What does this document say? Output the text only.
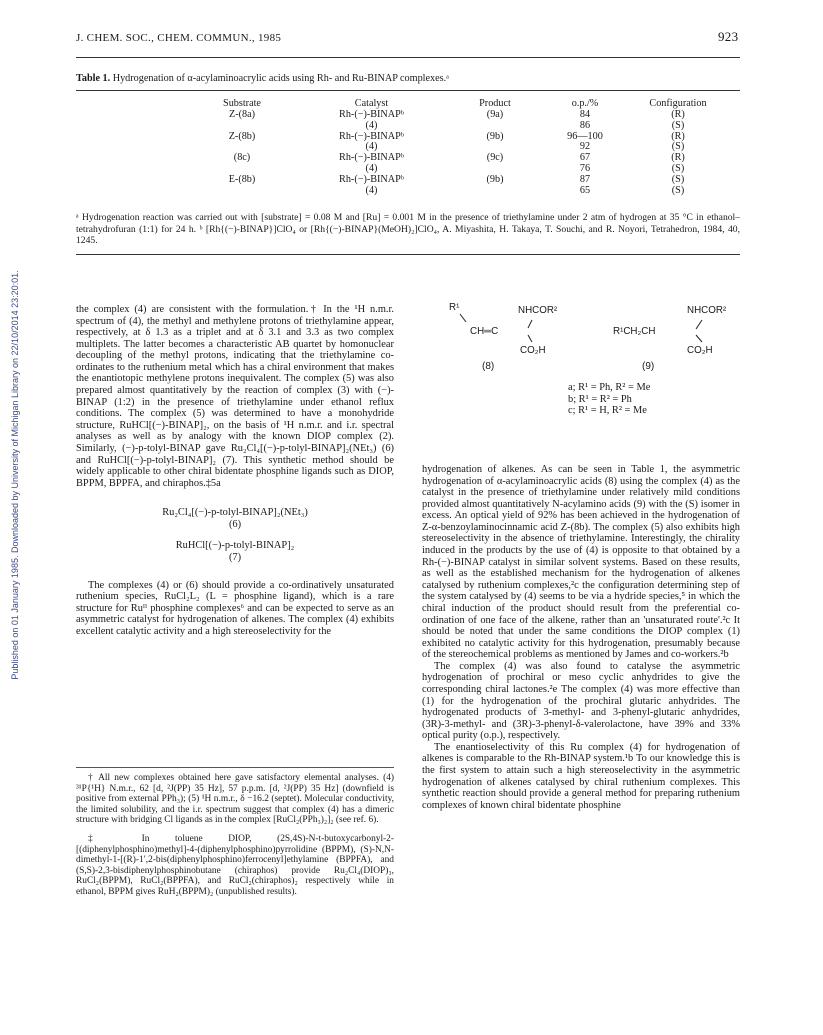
J. CHEM. SOC., CHEM. COMMUN., 1985	923
Published on 01 January 1985. Downloaded by University of Michigan Library on 22/10/2014 23:20:01.
Table 1. Hydrogenation of α-acylaminoacrylic acids using Rh- and Ru-BINAP complexes.ᵃ
Substrate	Catalyst	Product	o.p./%	Configuration
Z-(8a)	Rh-(−)-BINAPᵇ	(9a)	84	(R)
	(4)		86	(S)
Z-(8b)	Rh-(−)-BINAPᵇ	(9b)	96—100	(R)
	(4)		92	(S)
(8c)	Rh-(−)-BINAPᵇ	(9c)	67	(R)
	(4)		76	(S)
E-(8b)	Rh-(−)-BINAPᵇ	(9b)	87	(S)
	(4)		65	(S)
ᵃ Hydrogenation reaction was carried out with [substrate] = 0.08 M and [Ru] = 0.001 M in the presence of triethylamine under 2 atm of hydrogen at 35 °C in ethanol–tetrahydrofuran (1:1) for 24 h. ᵇ [Rh{(−)-BINAP}]ClO₄ or [Rh{(−)-BINAP}(MeOH)₂]ClO₄, A. Miyashita, H. Takaya, T. Souchi, and R. Noyori, Tetrahedron, 1984, 40, 1245.

the complex (4) are consistent with the formulation.† In the ¹H n.m.r. spectrum of (4), the methyl and methylene protons of triethylamine appear, respectively, at δ 1.3 as a triplet and at δ 3.1 and 3.3 as two complex multiplets. The latter becomes a characteristic AB quartet by homonuclear decoupling of the methyl protons, indicating that the triethylamine co-ordinates to the ruthenium metal which has a chiral environment that makes the enantiotopic methylene protons inequivalent. The complex (5) was also prepared almost quantitatively by the reaction of complex (3) with (−)-BINAP (1:2) in the presence of triethylamine under ethanol reflux conditions. The complex (5) was determined to have a monohydride structure, RuHCl[(−)-BINAP]₂, on the basis of ¹H n.m.r. and i.r. spectral analyses as well as by analogy with the known DIOP complex (2). Similarly, (−)-p-tolyl-BINAP gave Ru₂Cl₄[(−)-p-tolyl-BINAP]₂(NEt₃) (6) and RuHCl[(−)-p-tolyl-BINAP]₂ (7). This synthetic method should be widely applicable to other chiral bidentate phosphine ligands such as DIOP, BPPM, BPPFA, and chiraphos.‡5a

Ru₂Cl₄[(−)-p-tolyl-BINAP]₂(NEt₃)

(6)

RuHCl[(−)-p-tolyl-BINAP]₂

(7)

The complexes (4) or (6) should provide a co-ordinatively unsaturated ruthenium species, RuCl₂L₂ (L = phosphine ligand), which is a rare structure for Ruᴵᴵ phosphine complexes⁶ and can be expected to serve as an asymmetric catalyst for hydrogenation of alkenes. The complex (4) exhibits excellent catalytic activity and a high stereoselectivity for the

† All new complexes obtained here gave satisfactory elemental analyses. (4) ³¹P{¹H} N.m.r., 62 [d, ²J(PP) 35 Hz], 57 p.p.m. [d, ²J(PP) 35 Hz] (downfield is positive from external PPh₃); (5) ¹H n.m.r., δ −16.2 (septet). Molecular conductivity, the limited solubility, and the i.r. spectrum suggest that complex (4) has a dimeric structure with bridging Cl ligands as in the complex [RuCl₂(PPh₃)₂]₂ (see ref. 6).

‡ In toluene DIOP, (2S,4S)-N-t-butoxycarbonyl-2-[(diphenylphosphino)methyl]-4-(diphenylphosphino)pyrrolidine (BPPM), (S)-N,N-dimethyl-1-[(R)-1′,2-bis(diphenylphosphino)ferrocenyl]ethylamine (BPPFA), and (S,S)-2,3-bisdiphenylphosphinobutane (chiraphos) provide Ru₂Cl₄(DIOP)₃, RuCl₂(BPPM), RuCl₂(BPPFA), and RuCl₂(chiraphos)₂ respectively while in ethanol, BPPM gives RuH₂(BPPM)₂ (unpublished results).

R¹	NHCOR²
CH═C
CO₂H
(8)
NHCOR²
R¹CH₂CH
CO₂H
(9)
a; R¹ = Ph, R² = Me
b; R¹ = R² = Ph
c; R¹ = H, R² = Me

hydrogenation of alkenes. As can be seen in Table 1, the asymmetric hydrogenation of α-acylaminoacrylic acids (8) using the complex (4) as the catalyst in the presence of triethylamine under relatively mild conditions provided almost quantitatively N-acylamino acids (9) with the (S) isomer in excess. An optical yield of 92% has been achieved in the hydrogenation of Z-α-benzoylaminocinnamic acid Z-(8b). The complex (5) also exhibits high stereoselectivity in the absence of triethylamine. Interestingly, the chirality induced in the products by the use of (4) is opposite to that obtained by a Rh-(−)-BINAP catalyst in similar solvent systems. Based on these results, as well as the established mechanism for the hydrogenation of alkenes catalysed by ruthenium complexes,²c the configuration determining step of the system catalysed by (4) seems to be via a hydride species,⁵ in which the chiral induction of the product should result from the preferential co-ordination of one face of the alkene, rather than an 'unsaturated route'.²c It should be noted that under the same conditions the DIOP complex (1) exhibited no catalytic activity for this hydrogenation, presumably because of the stereochemical problems as mentioned by James and co-workers.²b

The complex (4) was also found to catalyse the asymmetric hydrogenation of prochiral or meso cyclic anhydrides to give the corresponding chiral lactones.²e The complex (4) was more effective than (1) for the hydrogenation of the prochiral glutaric anhydrides. The hydrogenated products of 3-methyl- and 3-phenyl-glutaric anhydrides, (3R)-3-methyl- and (3R)-3-phenyl-δ-valerolactone, have 39% and 33% optical purity (o.p.), respectively.

The enantioselectivity of this Ru complex (4) for hydrogenation of alkenes is comparable to the Rh-BINAP system.¹b To our knowledge this is the first system to attain such a high stereoselectivity in the asymmetric hydrogenation of alkenes catalysed by chiral ruthenium complexes. This synthetic reaction should provide a general method for preparing ruthenium complexes of known chiral bidentate phosphine
